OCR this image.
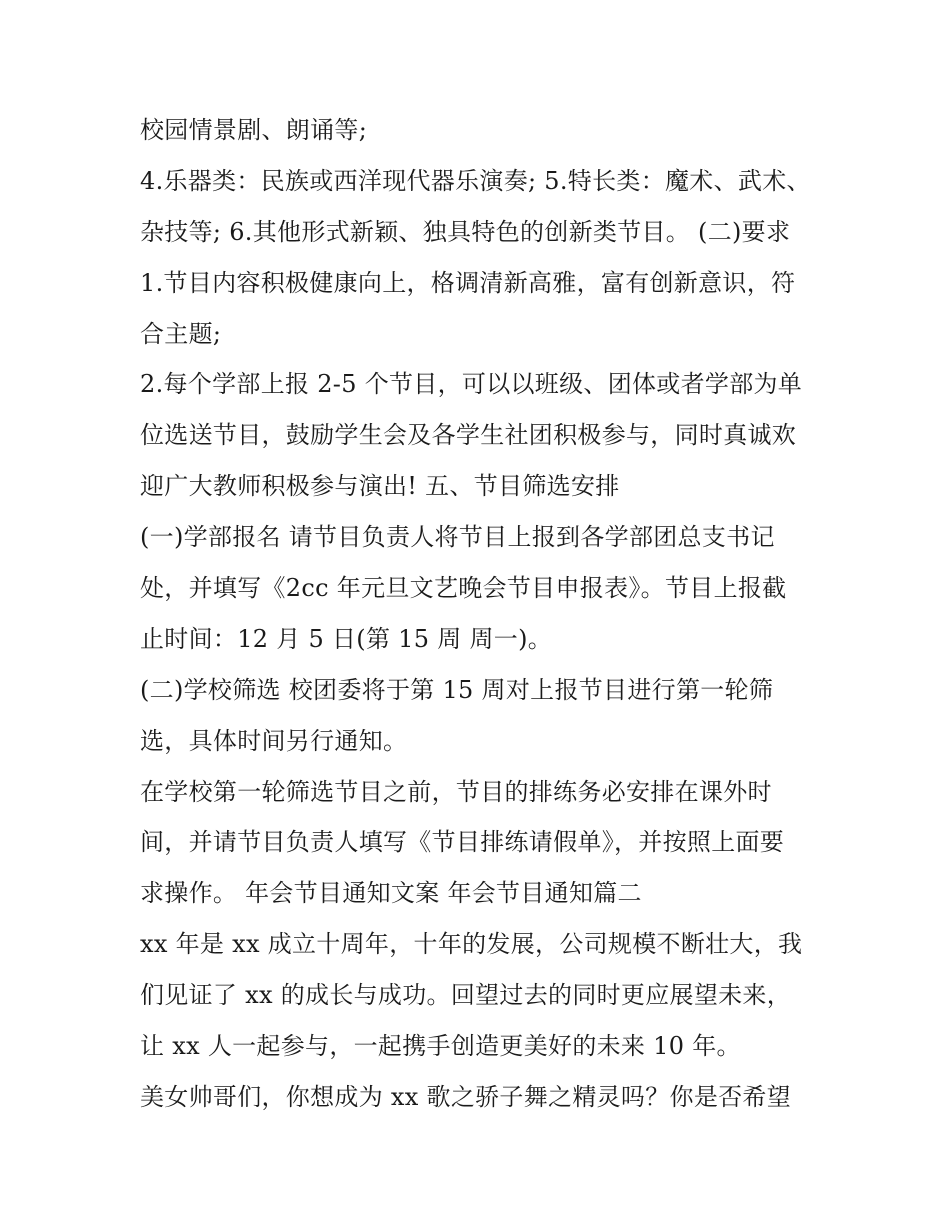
校园情景剧、朗诵等;
4.乐器类：民族或西洋现代器乐演奏; 5.特长类：魔术、武术、
杂技等; 6.其他形式新颖、独具特色的创新类节目。 (二)要求
1.节目内容积极健康向上，格调清新高雅，富有创新意识，符
合主题;
2.每个学部上报 2-5 个节目，可以以班级、团体或者学部为单
位选送节目，鼓励学生会及各学生社团积极参与，同时真诚欢
迎广大教师积极参与演出! 五、节目筛选安排
(一)学部报名 请节目负责人将节目上报到各学部团总支书记
处，并填写《2cc 年元旦文艺晚会节目申报表》。节目上报截
止时间：12 月 5 日(第 15 周 周一)。
(二)学校筛选 校团委将于第 15 周对上报节目进行第一轮筛
选，具体时间另行通知。
在学校第一轮筛选节目之前，节目的排练务必安排在课外时
间，并请节目负责人填写《节目排练请假单》，并按照上面要
求操作。 年会节目通知文案 年会节目通知篇二
xx 年是 xx 成立十周年，十年的发展，公司规模不断壮大，我
们见证了 xx 的成长与成功。回望过去的同时更应展望未来，
让 xx 人一起参与，一起携手创造更美好的未来 10 年。
美女帅哥们，你想成为 xx 歌之骄子舞之精灵吗？你是否希望
